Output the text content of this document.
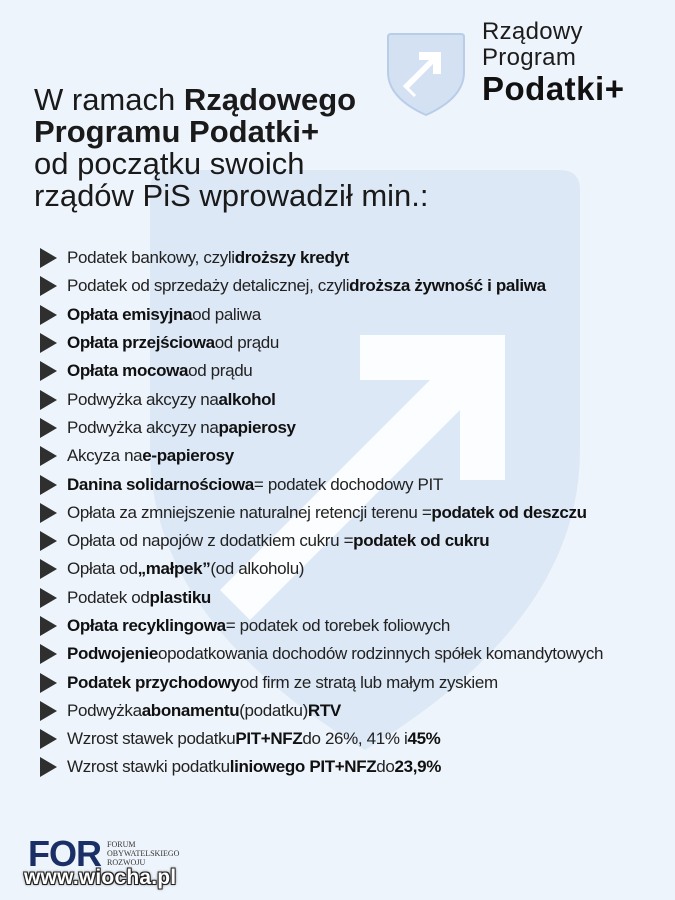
Rządowy
Program
Podatki+
W ramach Rządowego
Programu Podatki+
od początku swoich
rządów PiS wprowadził min.:
Podatek bankowy, czyli droższy kredyt
Podatek od sprzedaży detalicznej, czyli droższa żywność i paliwa
Opłata emisyjna od paliwa
Opłata przejściowa od prądu
Opłata mocowa od prądu
Podwyżka akcyzy na alkohol
Podwyżka akcyzy na papierosy
Akcyza na e-papierosy
Danina solidarnościowa = podatek dochodowy PIT
Opłata za zmniejszenie naturalnej retencji terenu = podatek od deszczu
Opłata od napojów z dodatkiem cukru = podatek od cukru
Opłata od „małpek” (od alkoholu)
Podatek od plastiku
Opłata recyklingowa = podatek od torebek foliowych
Podwojenie opodatkowania dochodów rodzinnych spółek komandytowych
Podatek przychodowy od firm ze stratą lub małym zyskiem
Podwyżka abonamentu (podatku) RTV
Wzrost stawek podatku PIT+NFZ do 26%, 41% i 45%
Wzrost stawki podatku liniowego PIT+NFZ do 23,9%
FOR FORUM
OBYWATELSKIEGO
ROZWOJU
www.wiocha.pl
